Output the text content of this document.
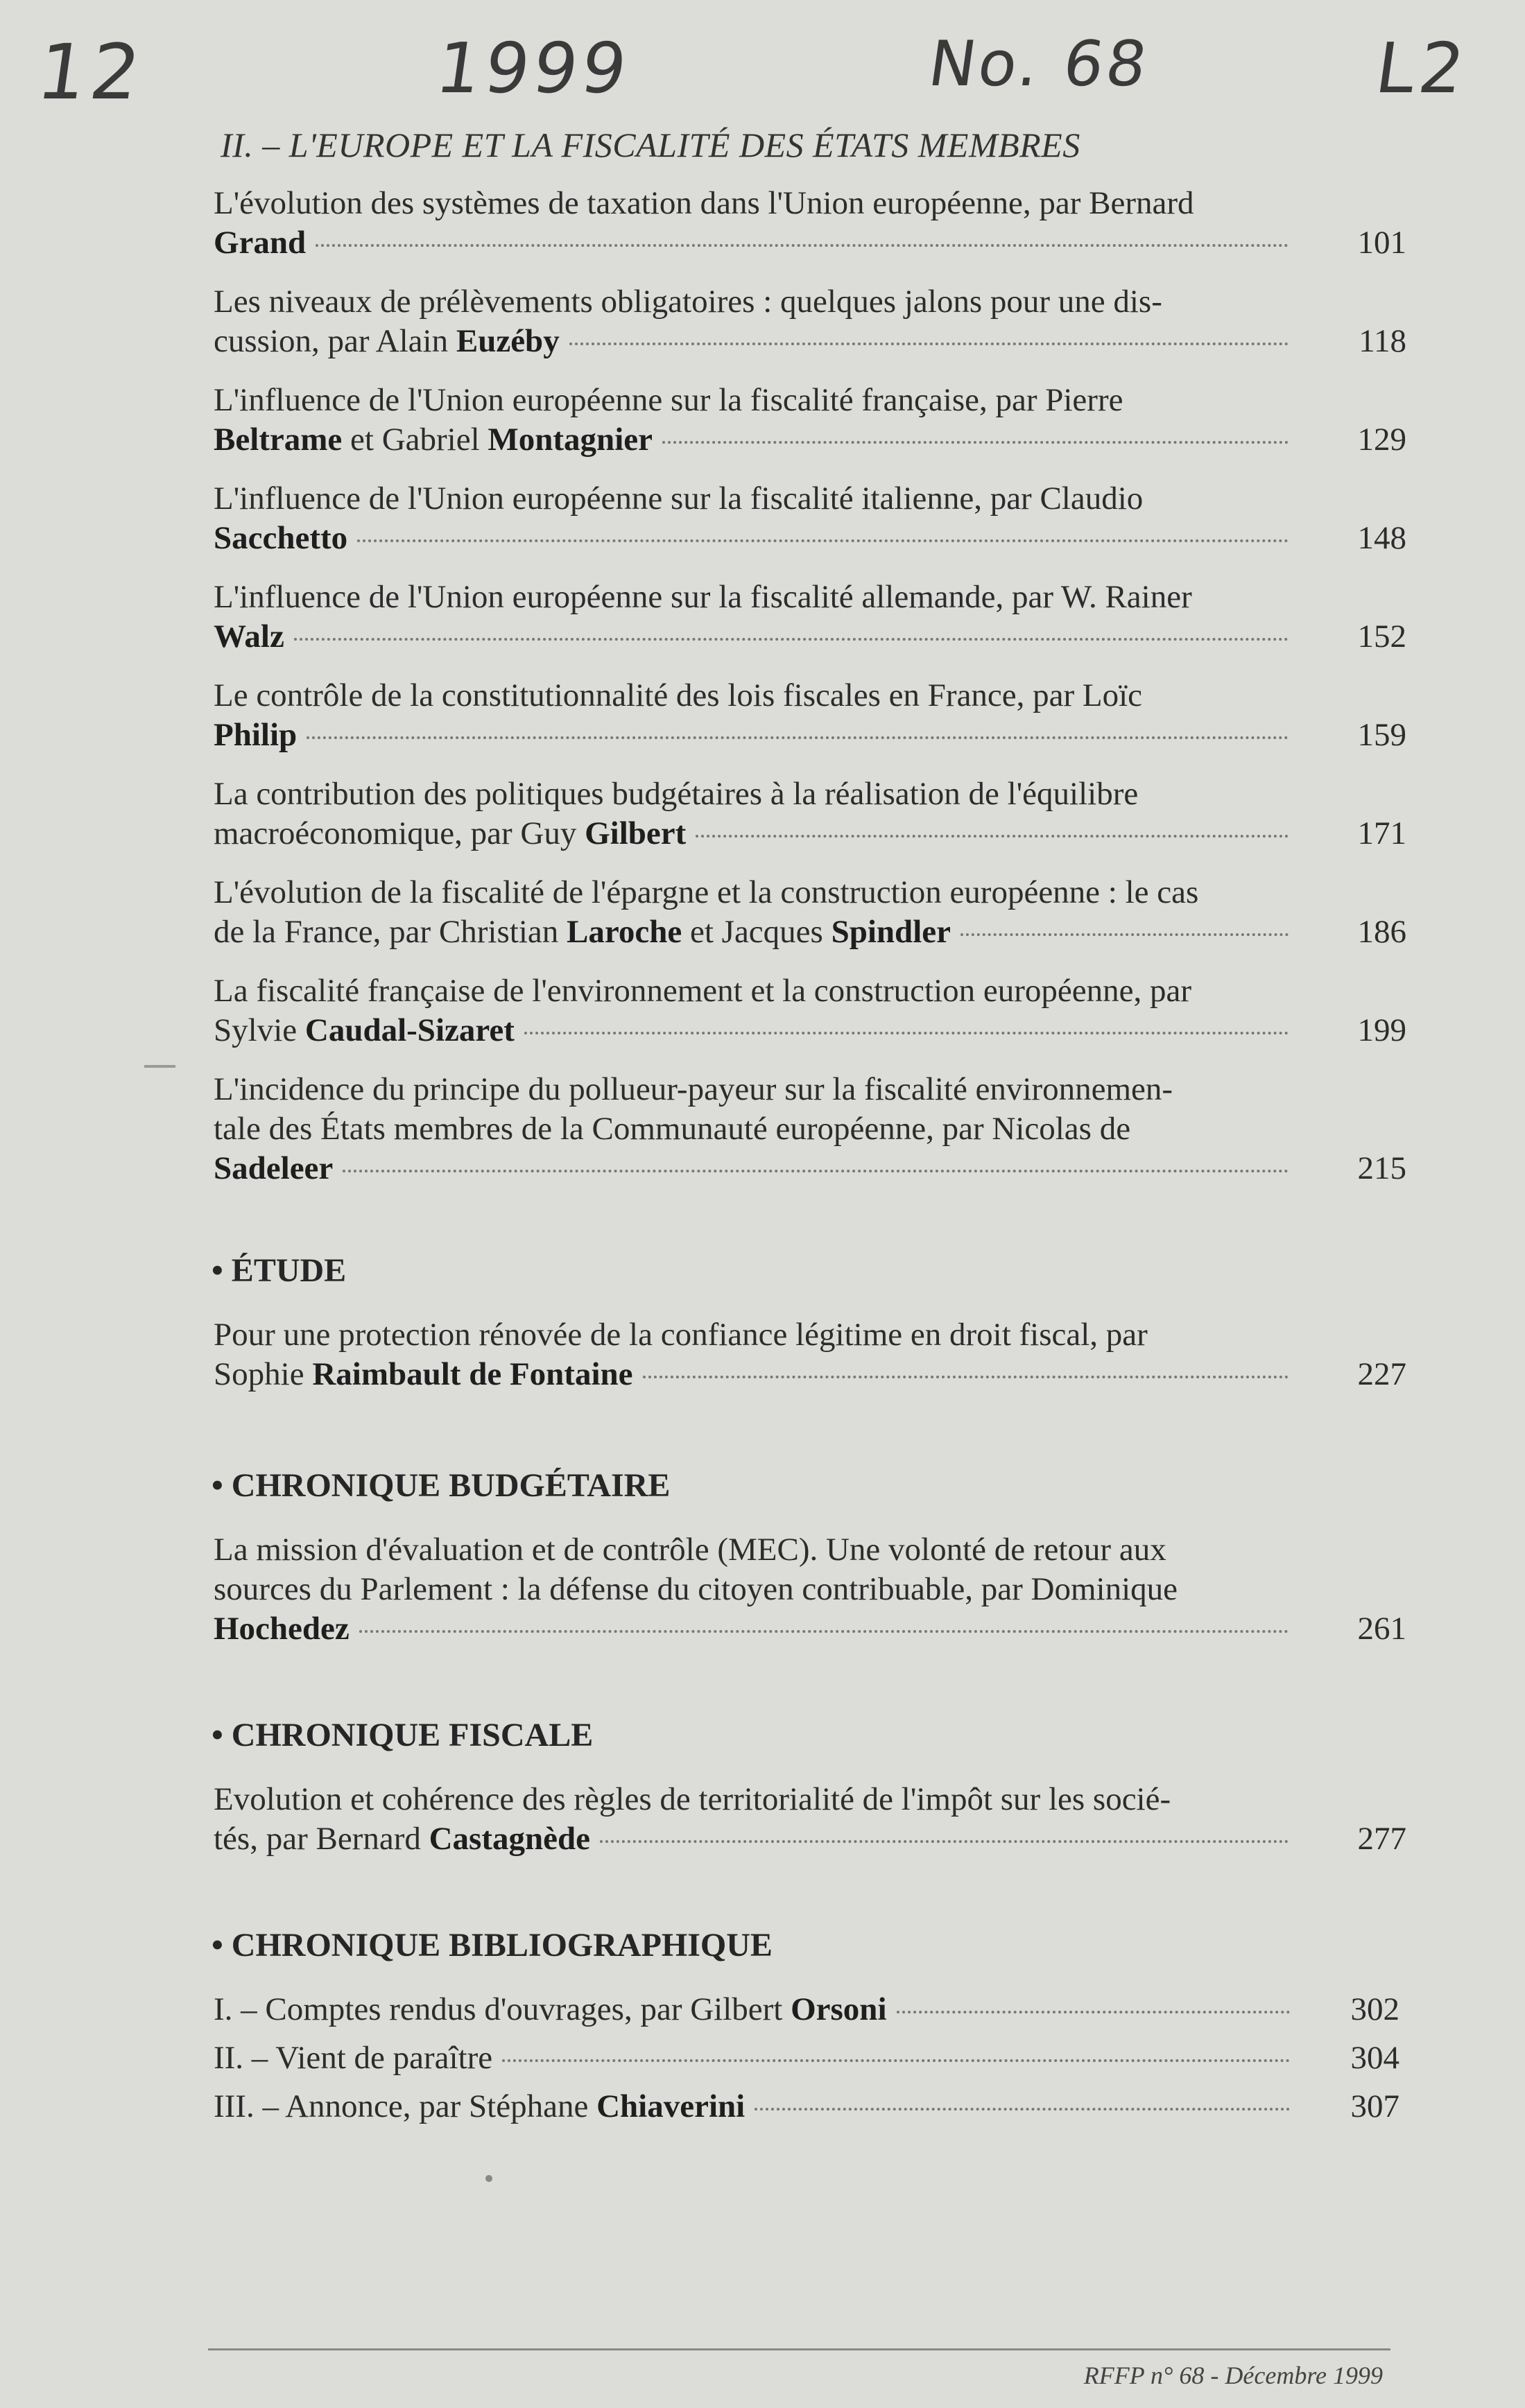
12	1999	No. 68	L2
II. – L'EUROPE ET LA FISCALITÉ DES ÉTATS MEMBRES
L'évolution des systèmes de taxation dans l'Union européenne, par Bernard
Grand	101
Les niveaux de prélèvements obligatoires : quelques jalons pour une dis-
cussion, par Alain Euzéby	118
L'influence de l'Union européenne sur la fiscalité française, par Pierre
Beltrame et Gabriel Montagnier	129
L'influence de l'Union européenne sur la fiscalité italienne, par Claudio
Sacchetto	148
L'influence de l'Union européenne sur la fiscalité allemande, par W. Rainer
Walz	152
Le contrôle de la constitutionnalité des lois fiscales en France, par Loïc
Philip	159
La contribution des politiques budgétaires à la réalisation de l'équilibre
macroéconomique, par Guy Gilbert	171
L'évolution de la fiscalité de l'épargne et la construction européenne : le cas
de la France, par Christian Laroche et Jacques Spindler	186
La fiscalité française de l'environnement et la construction européenne, par
Sylvie Caudal-Sizaret	199
L'incidence du principe du pollueur-payeur sur la fiscalité environnemen-
tale des États membres de la Communauté européenne, par Nicolas de
Sadeleer	215
• ÉTUDE
Pour une protection rénovée de la confiance légitime en droit fiscal, par
Sophie Raimbault de Fontaine	227
• CHRONIQUE BUDGÉTAIRE
La mission d'évaluation et de contrôle (MEC). Une volonté de retour aux
sources du Parlement : la défense du citoyen contribuable, par Dominique
Hochedez	261
• CHRONIQUE FISCALE
Evolution et cohérence des règles de territorialité de l'impôt sur les socié-
tés, par Bernard Castagnède	277
• CHRONIQUE BIBLIOGRAPHIQUE
I. – Comptes rendus d'ouvrages, par Gilbert Orsoni	302
II. – Vient de paraître	304
III. – Annonce, par Stéphane Chiaverini	307
RFFP n° 68 - Décembre 1999
